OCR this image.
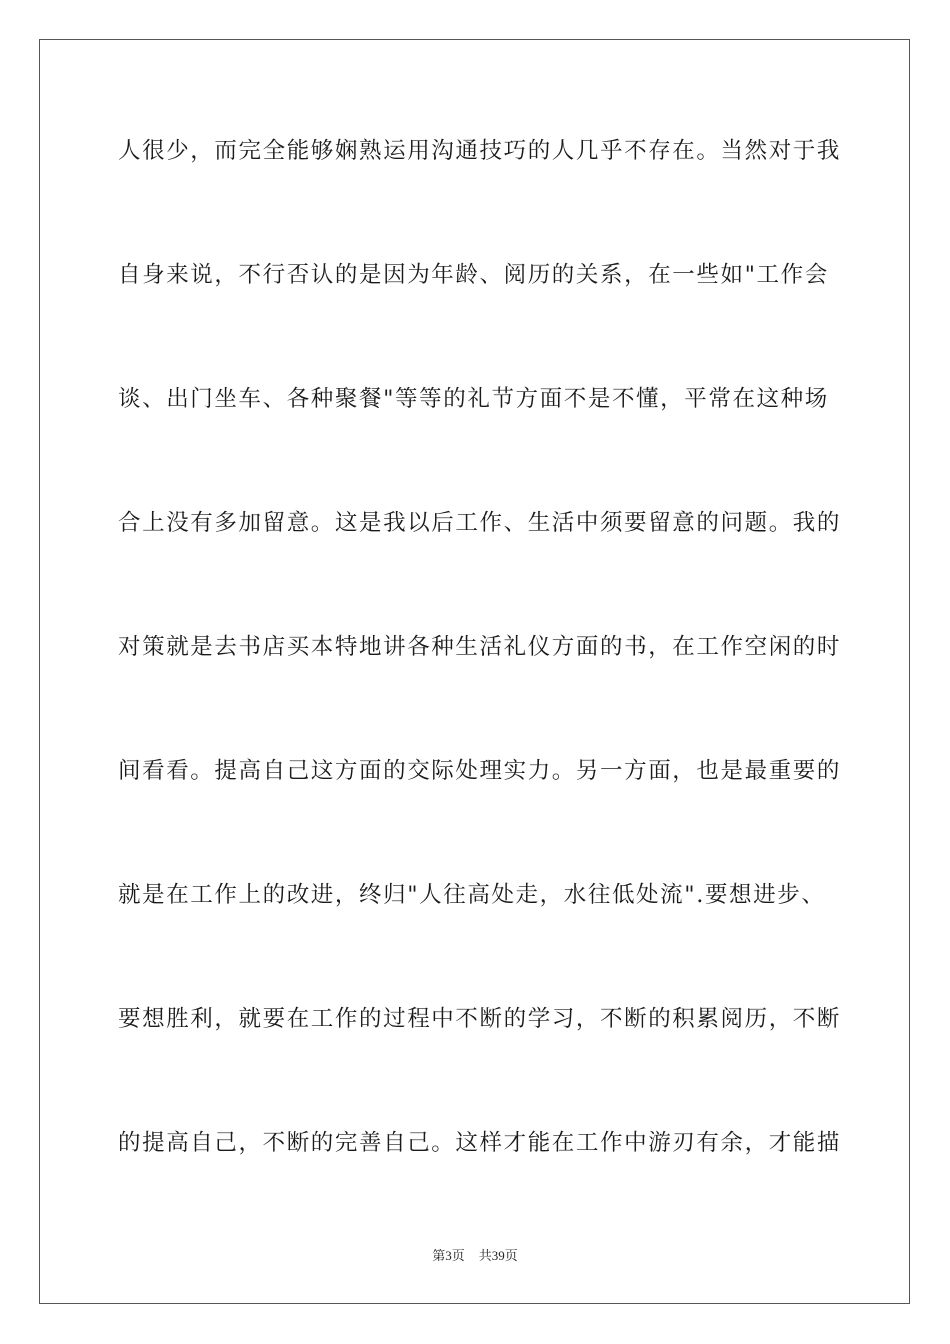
人很少，而完全能够娴熟运用沟通技巧的人几乎不存在。当然对于我
自身来说，不行否认的是因为年龄、阅历的关系，在一些如"工作会
谈、出门坐车、各种聚餐"等等的礼节方面不是不懂，平常在这种场
合上没有多加留意。这是我以后工作、生活中须要留意的问题。我的
对策就是去书店买本特地讲各种生活礼仪方面的书，在工作空闲的时
间看看。提高自己这方面的交际处理实力。另一方面，也是最重要的
就是在工作上的改进，终归"人往高处走，水往低处流".要想进步、
要想胜利，就要在工作的过程中不断的学习，不断的积累阅历，不断
的提高自己，不断的完善自己。这样才能在工作中游刃有余，才能描
第3页 共39页
